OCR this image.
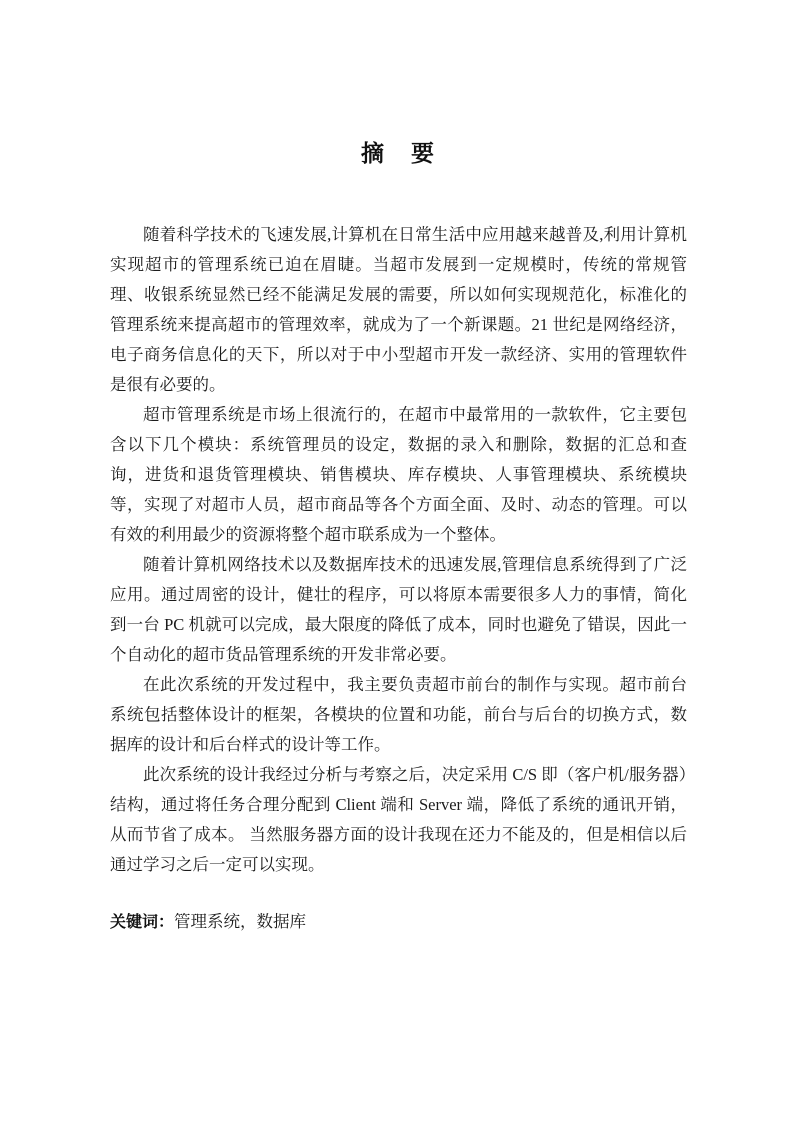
摘　要

随着科学技术的飞速发展,计算机在日常生活中应用越来越普及,利用计算机实现超市的管理系统已迫在眉睫。当超市发展到一定规模时，传统的常规管理、收银系统显然已经不能满足发展的需要，所以如何实现规范化，标准化的管理系统来提高超市的管理效率，就成为了一个新课题。21 世纪是网络经济，电子商务信息化的天下，所以对于中小型超市开发一款经济、实用的管理软件是很有必要的。

超市管理系统是市场上很流行的，在超市中最常用的一款软件，它主要包含以下几个模块：系统管理员的设定，数据的录入和删除，数据的汇总和查询，进货和退货管理模块、销售模块、库存模块、人事管理模块、系统模块等，实现了对超市人员，超市商品等各个方面全面、及时、动态的管理。可以有效的利用最少的资源将整个超市联系成为一个整体。

随着计算机网络技术以及数据库技术的迅速发展,管理信息系统得到了广泛应用。通过周密的设计，健壮的程序，可以将原本需要很多人力的事情，简化到一台 PC 机就可以完成，最大限度的降低了成本，同时也避免了错误，因此一个自动化的超市货品管理系统的开发非常必要。

在此次系统的开发过程中，我主要负责超市前台的制作与实现。超市前台系统包括整体设计的框架，各模块的位置和功能，前台与后台的切换方式，数据库的设计和后台样式的设计等工作。

此次系统的设计我经过分析与考察之后，决定采用 C/S 即（客户机/服务器）结构，通过将任务合理分配到 Client 端和 Server 端，降低了系统的通讯开销，从而节省了成本。 当然服务器方面的设计我现在还力不能及的，但是相信以后通过学习之后一定可以实现。

关键词：管理系统，数据库
